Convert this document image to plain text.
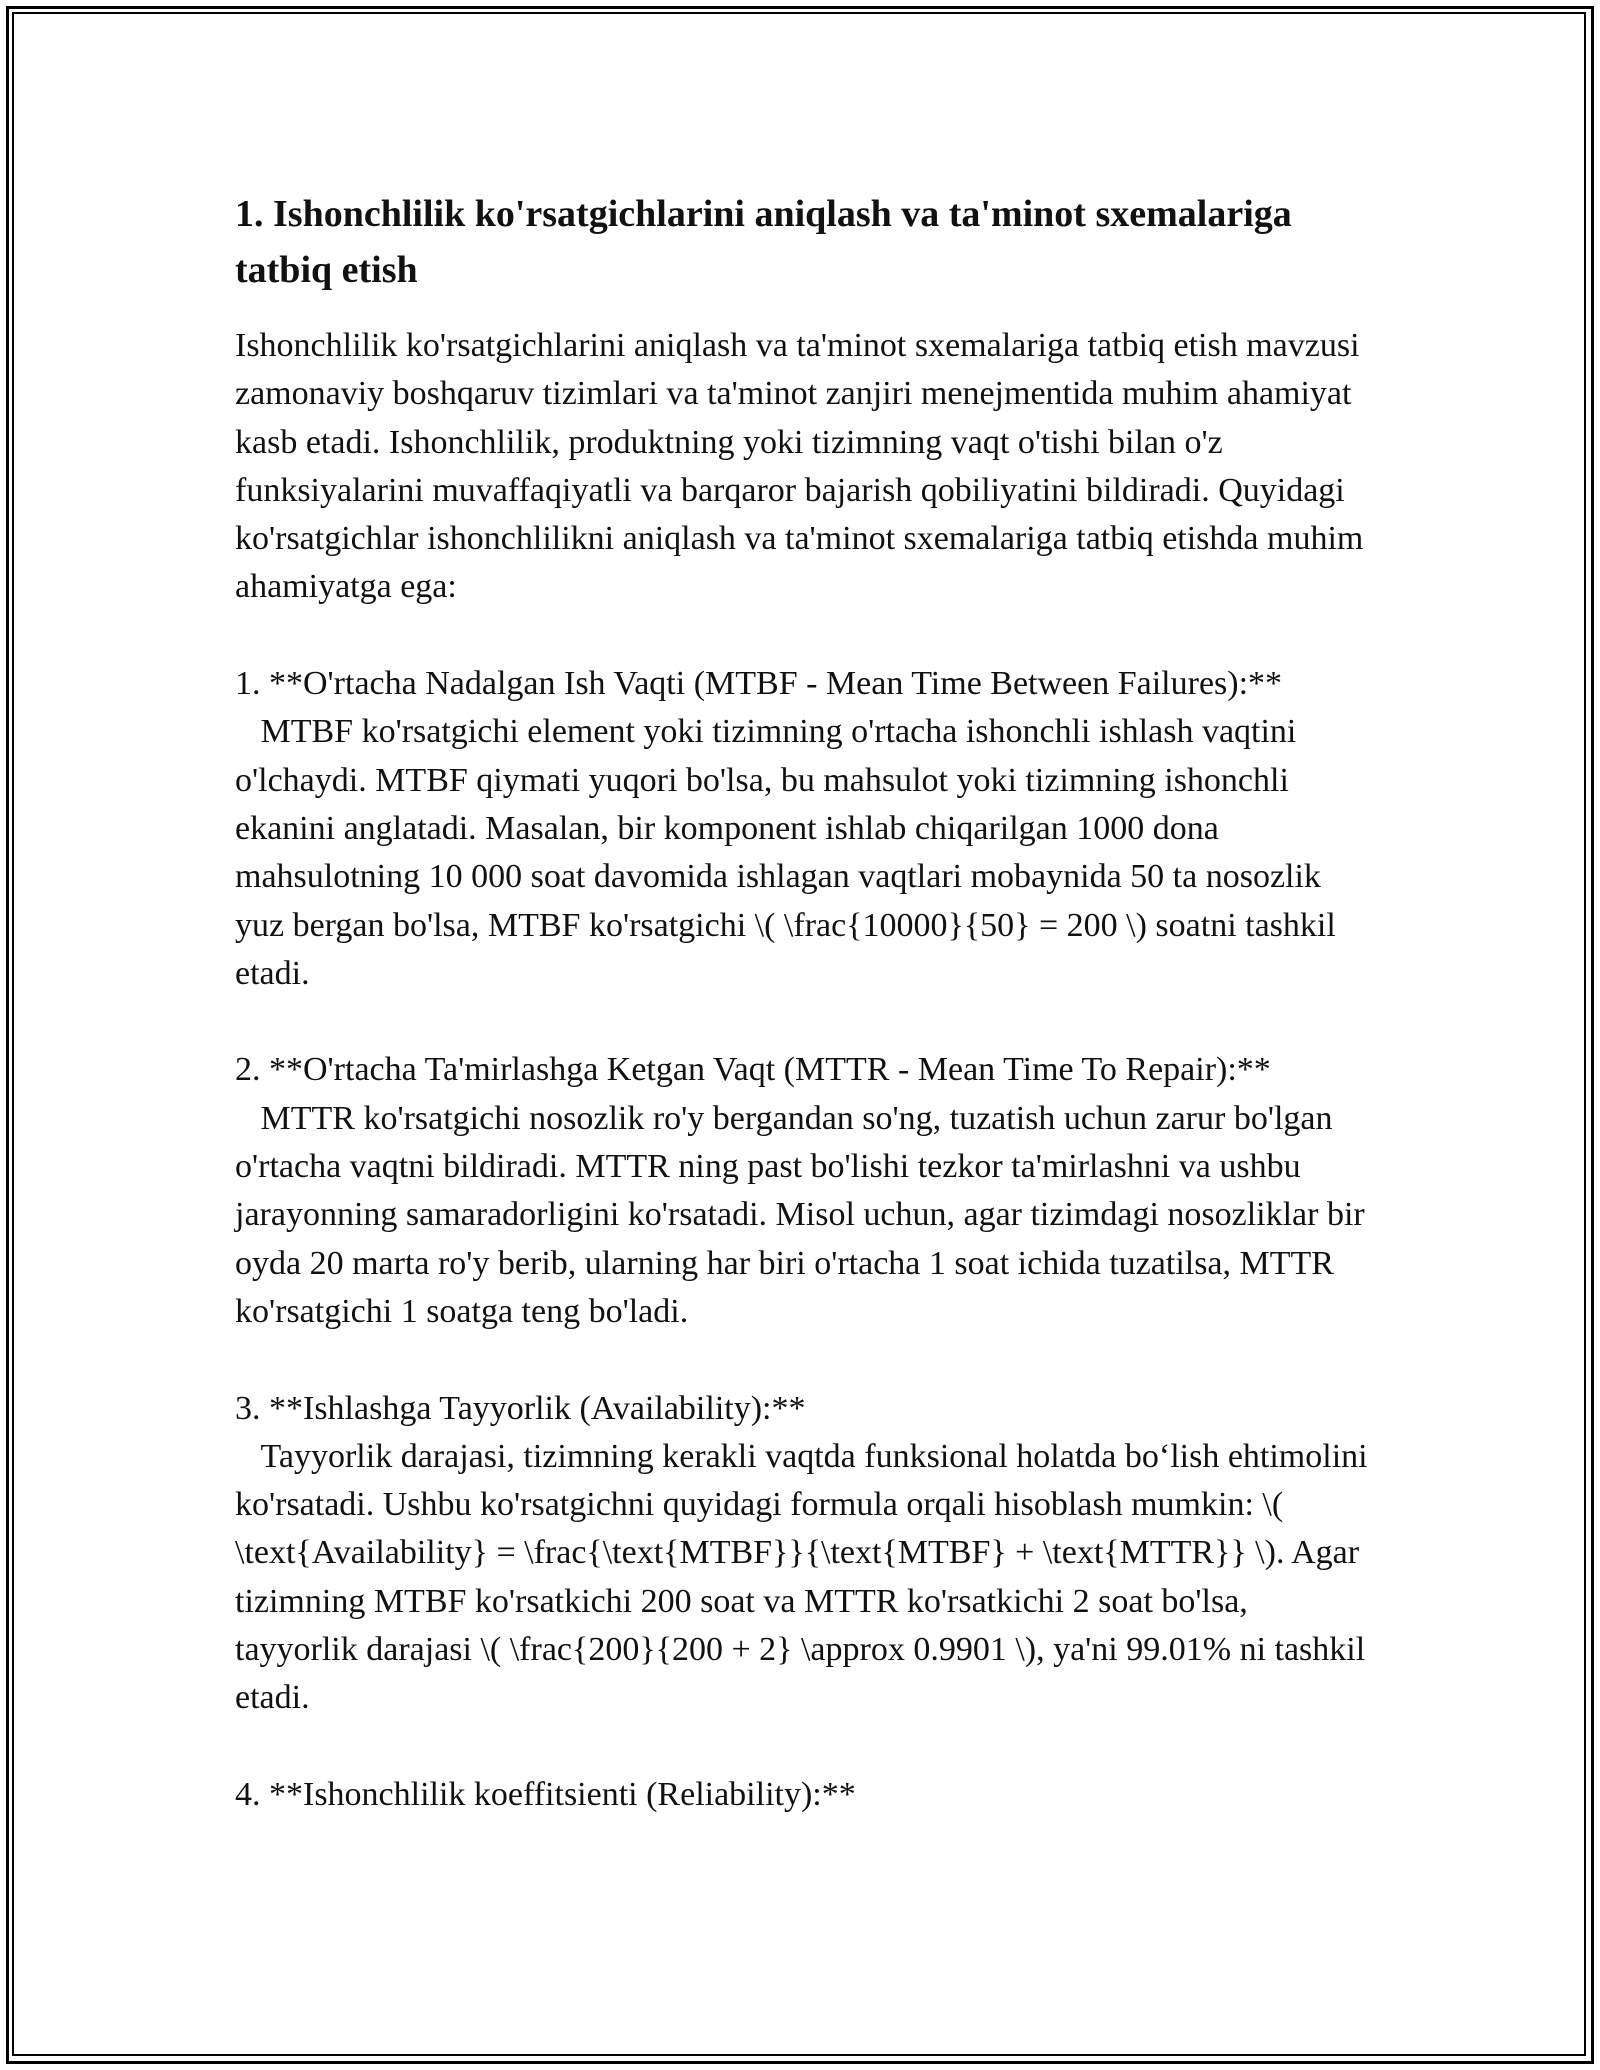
1. Ishonchlilik ko'rsatgichlarini aniqlash va ta'minot sxemalariga tatbiq etish

Ishonchlilik ko'rsatgichlarini aniqlash va ta'minot sxemalariga tatbiq etish mavzusi zamonaviy boshqaruv tizimlari va ta'minot zanjiri menejmentida muhim ahamiyat kasb etadi. Ishonchlilik, produktning yoki tizimning vaqt o'tishi bilan o'z funksiyalarini muvaffaqiyatli va barqaror bajarish qobiliyatini bildiradi. Quyidagi ko'rsatgichlar ishonchlilikni aniqlash va ta'minot sxemalariga tatbiq etishda muhim ahamiyatga ega:

1. **O'rtacha Nadalgan Ish Vaqti (MTBF - Mean Time Between Failures):**
MTBF ko'rsatgichi element yoki tizimning o'rtacha ishonchli ishlash vaqtini o'lchaydi. MTBF qiymati yuqori bo'lsa, bu mahsulot yoki tizimning ishonchli ekanini anglatadi. Masalan, bir komponent ishlab chiqarilgan 1000 dona mahsulotning 10 000 soat davomida ishlagan vaqtlari mobaynida 50 ta nosozlik yuz bergan bo'lsa, MTBF ko'rsatgichi \( \frac{10000}{50} = 200 \) soatni tashkil etadi.

2. **O'rtacha Ta'mirlashga Ketgan Vaqt (MTTR - Mean Time To Repair):**
MTTR ko'rsatgichi nosozlik ro'y bergandan so'ng, tuzatish uchun zarur bo'lgan o'rtacha vaqtni bildiradi. MTTR ning past bo'lishi tezkor ta'mirlashni va ushbu jarayonning samaradorligini ko'rsatadi. Misol uchun, agar tizimdagi nosozliklar bir oyda 20 marta ro'y berib, ularning har biri o'rtacha 1 soat ichida tuzatilsa, MTTR ko'rsatgichi 1 soatga teng bo'ladi.

3. **Ishlashga Tayyorlik (Availability):**
Tayyorlik darajasi, tizimning kerakli vaqtda funksional holatda bo‘lish ehtimolini ko'rsatadi. Ushbu ko'rsatgichni quyidagi formula orqali hisoblash mumkin: \( \text{Availability} = \frac{\text{MTBF}}{\text{MTBF} + \text{MTTR}} \). Agar tizimning MTBF ko'rsatkichi 200 soat va MTTR ko'rsatkichi 2 soat bo'lsa, tayyorlik darajasi \( \frac{200}{200 + 2} \approx 0.9901 \), ya'ni 99.01% ni tashkil etadi.

4. **Ishonchlilik koeffitsienti (Reliability):**
